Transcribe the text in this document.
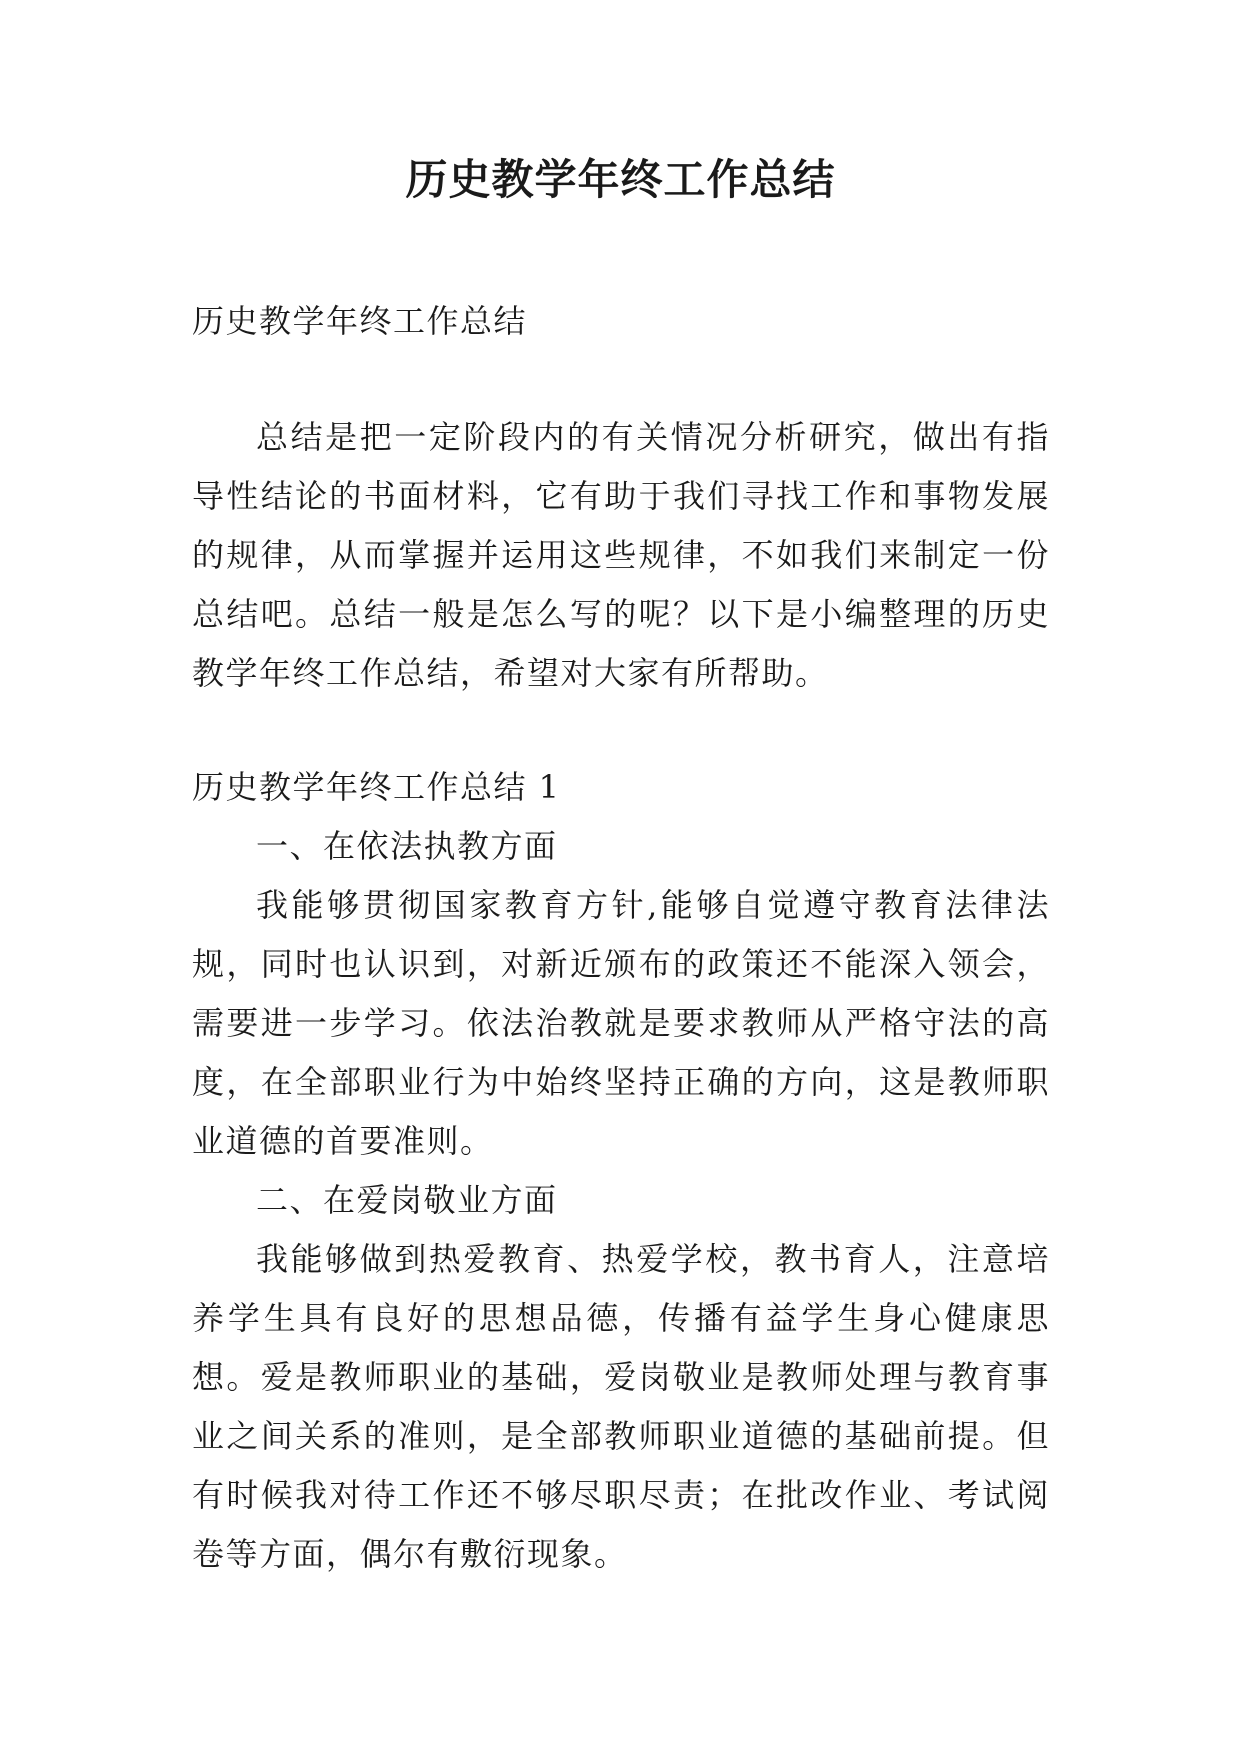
历史教学年终工作总结

历史教学年终工作总结

总结是把一定阶段内的有关情况分析研究，做出有指导性结论的书面材料，它有助于我们寻找工作和事物发展的规律，从而掌握并运用这些规律，不如我们来制定一份总结吧。总结一般是怎么写的呢？以下是小编整理的历史教学年终工作总结，希望对大家有所帮助。

历史教学年终工作总结 1

一、在依法执教方面

我能够贯彻国家教育方针,能够自觉遵守教育法律法规，同时也认识到，对新近颁布的政策还不能深入领会，需要进一步学习。依法治教就是要求教师从严格守法的高度，在全部职业行为中始终坚持正确的方向，这是教师职业道德的首要准则。

二、在爱岗敬业方面

我能够做到热爱教育、热爱学校，教书育人，注意培养学生具有良好的思想品德，传播有益学生身心健康思想。爱是教师职业的基础，爱岗敬业是教师处理与教育事业之间关系的准则，是全部教师职业道德的基础前提。但有时候我对待工作还不够尽职尽责；在批改作业、考试阅卷等方面，偶尔有敷衍现象。
